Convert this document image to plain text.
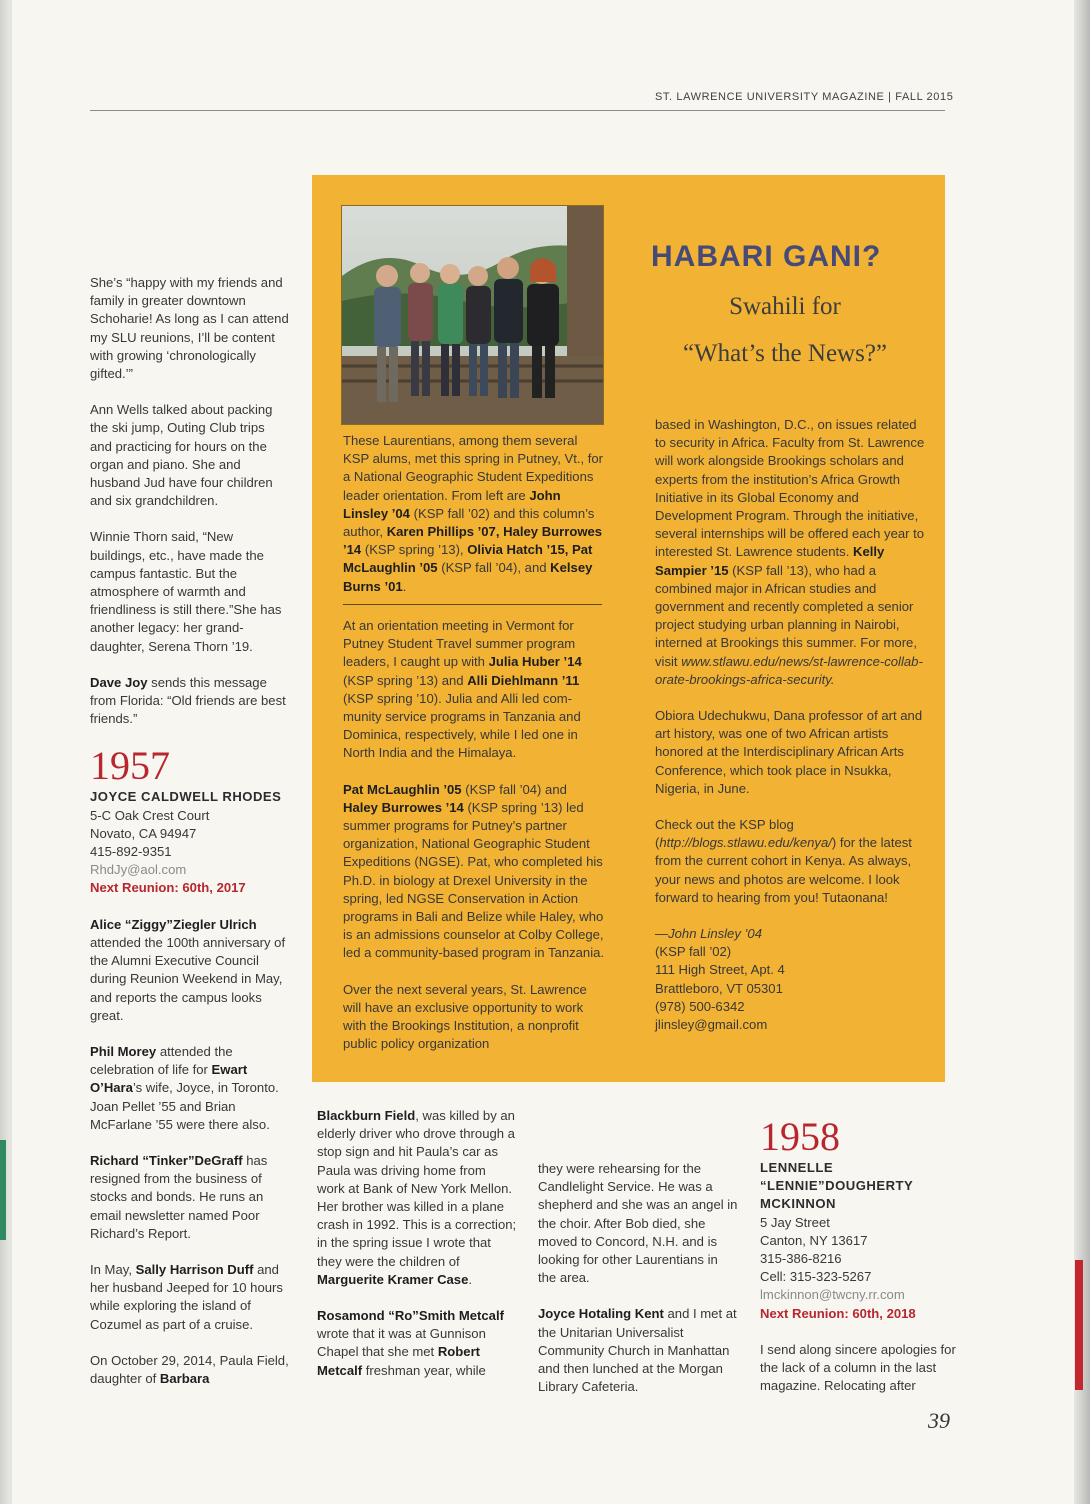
ST. LAWRENCE UNIVERSITY MAGAZINE | FALL 2015

She’s “happy with my friends and family in greater downtown Schoharie! As long as I can attend my SLU reunions, I’ll be content with growing ‘chronologically gifted.’”

Ann Wells talked about packing the ski jump, Outing Club trips and practicing for hours on the organ and piano. She and husband Jud have four children and six grandchildren.

Winnie Thorn said, “New buildings, etc., have made the campus fantastic. But the atmosphere of warmth and friendliness is still there.”She has another legacy: her granddaughter, Serena Thorn ’19.

Dave Joy sends this message from Florida: “Old friends are best friends.”

1957
JOYCE CALDWELL RHODES
5-C Oak Crest Court
Novato, CA 94947
415-892-9351
RhdJy@aol.com
Next Reunion: 60th, 2017

Alice “Ziggy”Ziegler Ulrich attended the 100th anniversary of the Alumni Executive Council during Reunion Weekend in May, and reports the campus looks great.

Phil Morey attended the celebration of life for Ewart O’Hara’s wife, Joyce, in Toronto. Joan Pellet ’55 and Brian McFarlane ’55 were there also.

Richard “Tinker”DeGraff has resigned from the business of stocks and bonds. He runs an email newsletter named Poor Richard’s Report.

In May, Sally Harrison Duff and her husband Jeeped for 10 hours while exploring the island of Cozumel as part of a cruise.

On October 29, 2014, Paula Field, daughter of Barbara

HABARI GANI?
Swahili for
“What’s the News?”
These Laurentians, among them several KSP alums, met this spring in Putney, Vt., for a National Geographic Student Expeditions leader orientation. From left are John Linsley ’04 (KSP fall ’02) and this column’s author, Karen Phillips ’07, Haley Burrowes ’14 (KSP spring ’13), Olivia Hatch ’15, Pat McLaughlin ’05 (KSP fall ’04), and Kelsey Burns ’01.

At an orientation meeting in Vermont for Putney Student Travel summer program leaders, I caught up with Julia Huber ’14 (KSP spring ’13) and Alli Diehlmann ’11 (KSP spring ’10). Julia and Alli led community service programs in Tanzania and Dominica, respectively, while I led one in North India and the Himalaya.

Pat McLaughlin ’05 (KSP fall ’04) and Haley Burrowes ’14 (KSP spring ’13) led summer programs for Putney’s partner organization, National Geographic Student Expeditions (NGSE). Pat, who completed his Ph.D. in biology at Drexel University in the spring, led NGSE Conservation in Action programs in Bali and Belize while Haley, who is an admissions counselor at Colby College, led a community-based program in Tanzania.

Over the next several years, St. Lawrence will have an exclusive opportunity to work with the Brookings Institution, a nonprofit public policy organization

based in Washington, D.C., on issues related to security in Africa. Faculty from St. Lawrence will work alongside Brookings scholars and experts from the institution’s Africa Growth Initiative in its Global Economy and Development Program. Through the initiative, several internships will be offered each year to interested St. Lawrence students. Kelly Sampier ’15 (KSP fall ’13), who had a combined major in African studies and government and recently completed a senior project studying urban planning in Nairobi, interned at Brookings this summer. For more, visit www.stlawu.edu/news/st-lawrence-collaborate-brookings-africa-security.

Obiora Udechukwu, Dana professor of art and art history, was one of two African artists honored at the Interdisciplinary African Arts Conference, which took place in Nsukka, Nigeria, in June.

Check out the KSP blog (http://blogs.stlawu.edu/kenya/) for the latest from the current cohort in Kenya. As always, your news and photos are welcome. I look forward to hearing from you! Tutaonana!

—John Linsley ’04
(KSP fall ’02)
111 High Street, Apt. 4
Brattleboro, VT 05301
(978) 500-6342
jlinsley@gmail.com

Blackburn Field, was killed by an elderly driver who drove through a stop sign and hit Paula’s car as Paula was driving home from work at Bank of New York Mellon. Her brother was killed in a plane crash in 1992. This is a correction; in the spring issue I wrote that they were the children of Marguerite Kramer Case.

Rosamond “Ro”Smith Metcalf wrote that it was at Gunnison Chapel that she met Robert Metcalf freshman year, while

they were rehearsing for the Candlelight Service. He was a shepherd and she was an angel in the choir. After Bob died, she moved to Concord, N.H. and is looking for other Laurentians in the area.

Joyce Hotaling Kent and I met at the Unitarian Universalist Community Church in Manhattan and then lunched at the Morgan Library Cafeteria.

1958
LENNELLE
“LENNIE”DOUGHERTY
MCKINNON
5 Jay Street
Canton, NY 13617
315-386-8216
Cell: 315-323-5267
lmckinnon@twcny.rr.com
Next Reunion: 60th, 2018

I send along sincere apologies for the lack of a column in the last magazine. Relocating after

39
